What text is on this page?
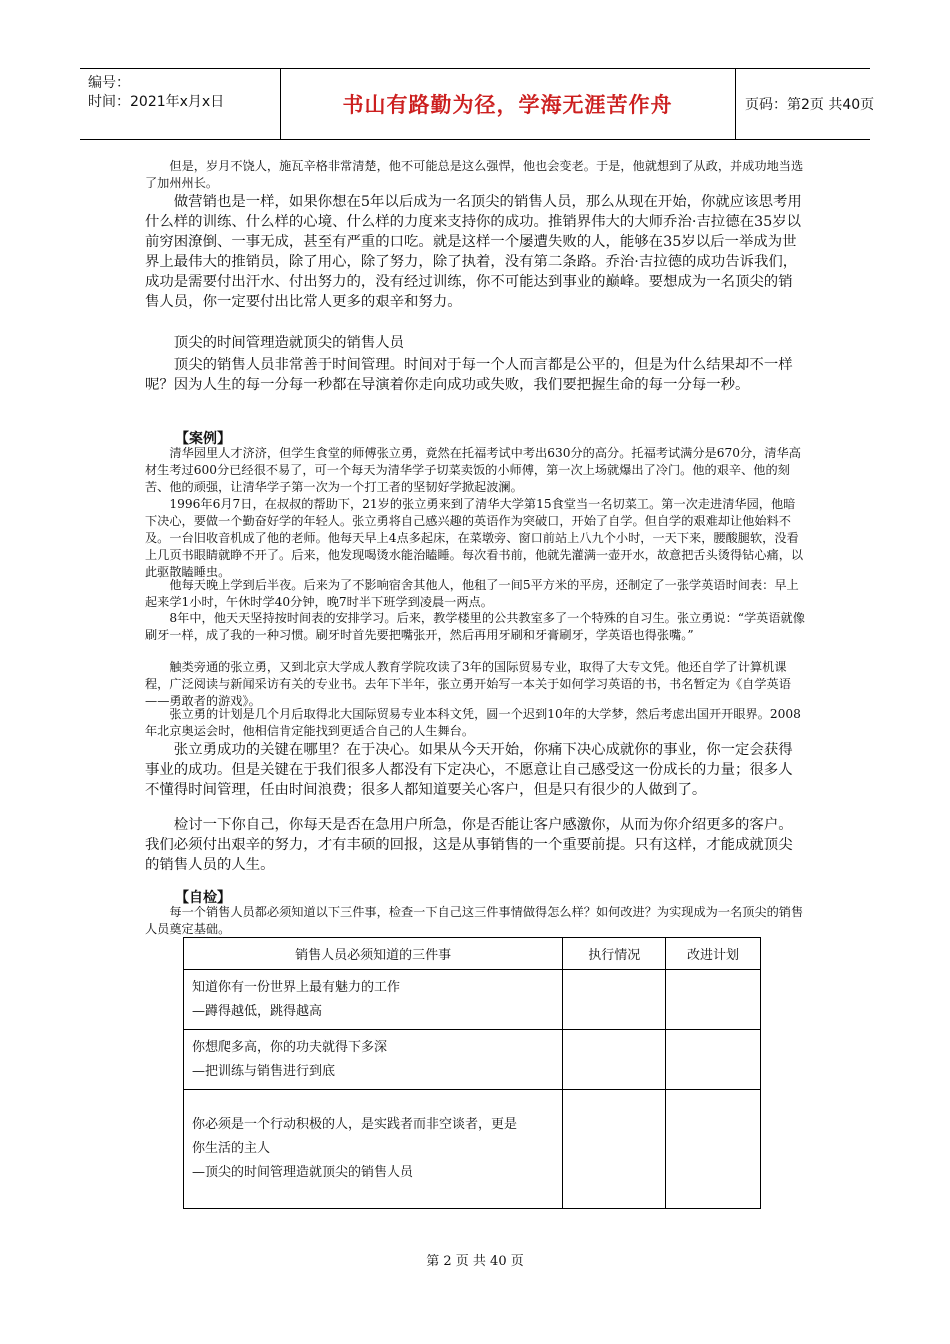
编号：
时间：2021年x月x日	书山有路勤为径，学海无涯苦作舟	页码：第2页 共40页

但是，岁月不饶人，施瓦辛格非常清楚，他不可能总是这么强悍，他也会变老。于是，他就想到了从政，并成功地当选了加州州长。

做营销也是一样，如果你想在5年以后成为一名顶尖的销售人员，那么从现在开始，你就应该思考用什么样的训练、什么样的心境、什么样的力度来支持你的成功。推销界伟大的大师乔治·吉拉德在35岁以前穷困潦倒、一事无成，甚至有严重的口吃。就是这样一个屡遭失败的人，能够在35岁以后一举成为世界上最伟大的推销员，除了用心，除了努力，除了执着，没有第二条路。乔治·吉拉德的成功告诉我们，成功是需要付出汗水、付出努力的，没有经过训练，你不可能达到事业的巅峰。要想成为一名顶尖的销售人员，你一定要付出比常人更多的艰辛和努力。

顶尖的时间管理造就顶尖的销售人员

顶尖的销售人员非常善于时间管理。时间对于每一个人而言都是公平的，但是为什么结果却不一样呢？因为人生的每一分每一秒都在导演着你走向成功或失败，我们要把握生命的每一分每一秒。

【案例】

清华园里人才济济，但学生食堂的师傅张立勇，竟然在托福考试中考出630分的高分。托福考试满分是670分，清华高材生考过600分已经很不易了，可一个每天为清华学子切菜卖饭的小师傅，第一次上场就爆出了冷门。他的艰辛、他的刻苦、他的顽强，让清华学子第一次为一个打工者的坚韧好学掀起波澜。

1996年6月7日，在叔叔的帮助下，21岁的张立勇来到了清华大学第15食堂当一名切菜工。第一次走进清华园，他暗下决心，要做一个勤奋好学的年轻人。张立勇将自己感兴趣的英语作为突破口，开始了自学。但自学的艰难却让他始料不及。一台旧收音机成了他的老师。他每天早上4点多起床，在菜墩旁、窗口前站上八九个小时，一天下来，腰酸腿软，没看上几页书眼睛就睁不开了。后来，他发现喝烫水能治瞌睡。每次看书前，他就先灌满一壶开水，故意把舌头烫得钻心痛，以此驱散瞌睡虫。

他每天晚上学到后半夜。后来为了不影响宿舍其他人，他租了一间5平方米的平房，还制定了一张学英语时间表：早上起来学1小时，午休时学40分钟，晚7时半下班学到凌晨一两点。

8年中，他天天坚持按时间表的安排学习。后来，教学楼里的公共教室多了一个特殊的自习生。张立勇说：“学英语就像刷牙一样，成了我的一种习惯。刷牙时首先要把嘴张开，然后再用牙刷和牙膏刷牙，学英语也得张嘴。”

触类旁通的张立勇，又到北京大学成人教育学院攻读了3年的国际贸易专业，取得了大专文凭。他还自学了计算机课程，广泛阅读与新闻采访有关的专业书。去年下半年，张立勇开始写一本关于如何学习英语的书，书名暂定为《自学英语——勇敢者的游戏》。

张立勇的计划是几个月后取得北大国际贸易专业本科文凭，圆一个迟到10年的大学梦，然后考虑出国开开眼界。2008年北京奥运会时，他相信肯定能找到更适合自己的人生舞台。

张立勇成功的关键在哪里？在于决心。如果从今天开始，你痛下决心成就你的事业，你一定会获得事业的成功。但是关键在于我们很多人都没有下定决心，不愿意让自己感受这一份成长的力量；很多人不懂得时间管理，任由时间浪费；很多人都知道要关心客户，但是只有很少的人做到了。

检讨一下你自己，你每天是否在急用户所急，你是否能让客户感激你，从而为你介绍更多的客户。我们必须付出艰辛的努力，才有丰硕的回报，这是从事销售的一个重要前提。只有这样，才能成就顶尖的销售人员的人生。

【自检】

每一个销售人员都必须知道以下三件事，检查一下自己这三件事情做得怎么样？如何改进？为实现成为一名顶尖的销售人员奠定基础。

销售人员必须知道的三件事	执行情况	改进计划

知道你有一份世界上最有魅力的工作
—蹲得越低，跳得越高		

你想爬多高，你的功夫就得下多深
—把训练与销售进行到底		

你必须是一个行动积极的人，是实践者而非空谈者，更是
你生活的主人
—顶尖的时间管理造就顶尖的销售人员		

第 2 页 共 40 页
